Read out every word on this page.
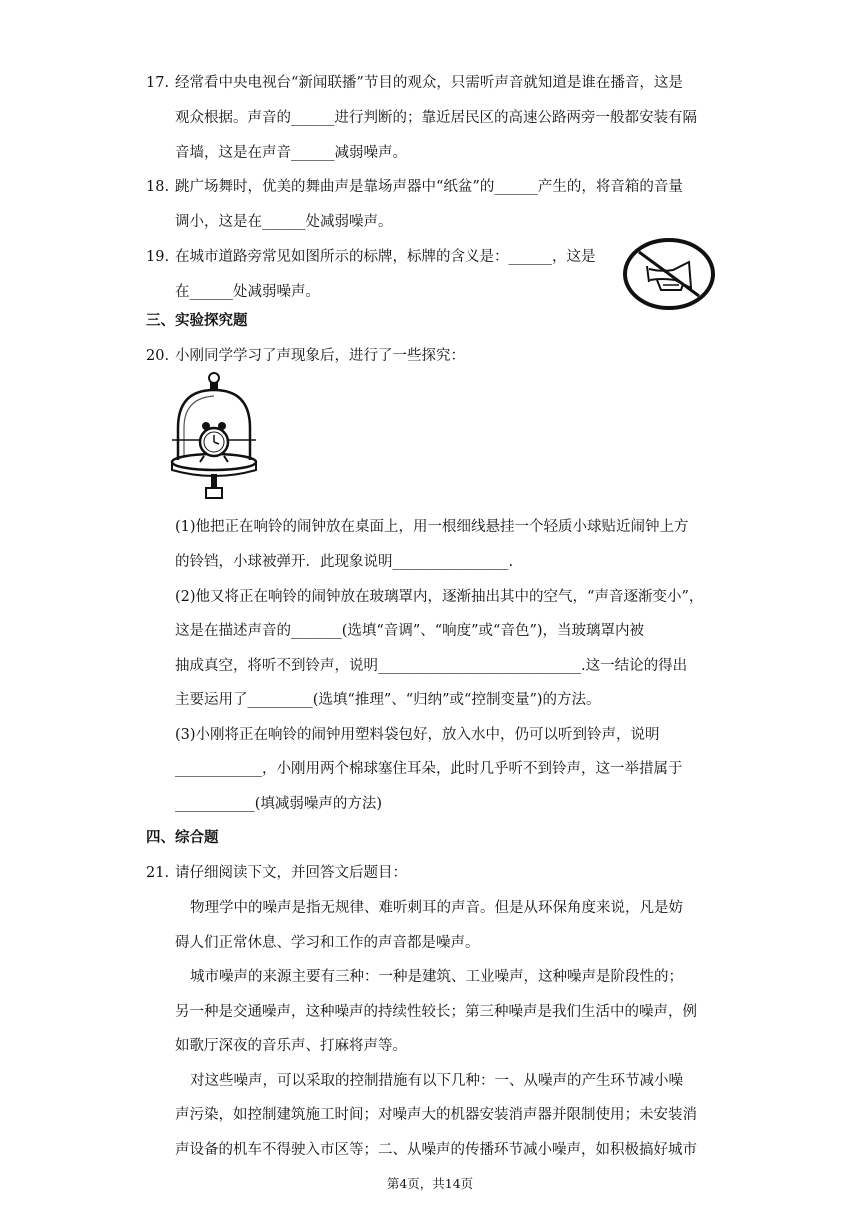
17. 经常看中央电视台“新闻联播”节目的观众，只需听声音就知道是谁在播音，这是
观众根据。声音的______进行判断的；靠近居民区的高速公路两旁一般都安装有隔
音墙，这是在声音______减弱噪声。
18. 跳广场舞时，优美的舞曲声是靠场声器中“纸盆”的______产生的，将音箱的音量
调小，这是在______处减弱噪声。
19. 在城市道路旁常见如图所示的标牌，标牌的含义是：______，这是
在______处减弱噪声。
三、实验探究题
20. 小刚同学学习了声现象后，进行了一些探究：
(1)他把正在响铃的闹钟放在桌面上，用一根细线悬挂一个轻质小球贴近闹钟上方
的铃铛，小球被弹开．此现象说明________________.
(2)他又将正在响铃的闹钟放在玻璃罩内，逐渐抽出其中的空气，“声音逐渐变小”，
这是在描述声音的_______(选填“音调”、“响度”或“音色”)，当玻璃罩内被
抽成真空，将听不到铃声，说明____________________________.这一结论的得出
主要运用了_________(选填“推理”、“归纳”或“控制变量”)的方法。
(3)小刚将正在响铃的闹钟用塑料袋包好，放入水中，仍可以听到铃声，说明
____________，小刚用两个棉球塞住耳朵，此时几乎听不到铃声，这一举措属于
___________(填减弱噪声的方法)
四、综合题
21. 请仔细阅读下文，并回答文后题目：
物理学中的噪声是指无规律、难听刺耳的声音。但是从环保角度来说，凡是妨
碍人们正常休息、学习和工作的声音都是噪声。
城市噪声的来源主要有三种：一种是建筑、工业噪声，这种噪声是阶段性的；
另一种是交通噪声，这种噪声的持续性较长；第三种噪声是我们生活中的噪声，例
如歌厅深夜的音乐声、打麻将声等。
对这些噪声，可以采取的控制措施有以下几种：一、从噪声的产生环节减小噪
声污染，如控制建筑施工时间；对噪声大的机器安装消声器并限制使用；未安装消
声设备的机车不得驶入市区等；二、从噪声的传播环节减小噪声，如积极搞好城市
第4页，共14页
